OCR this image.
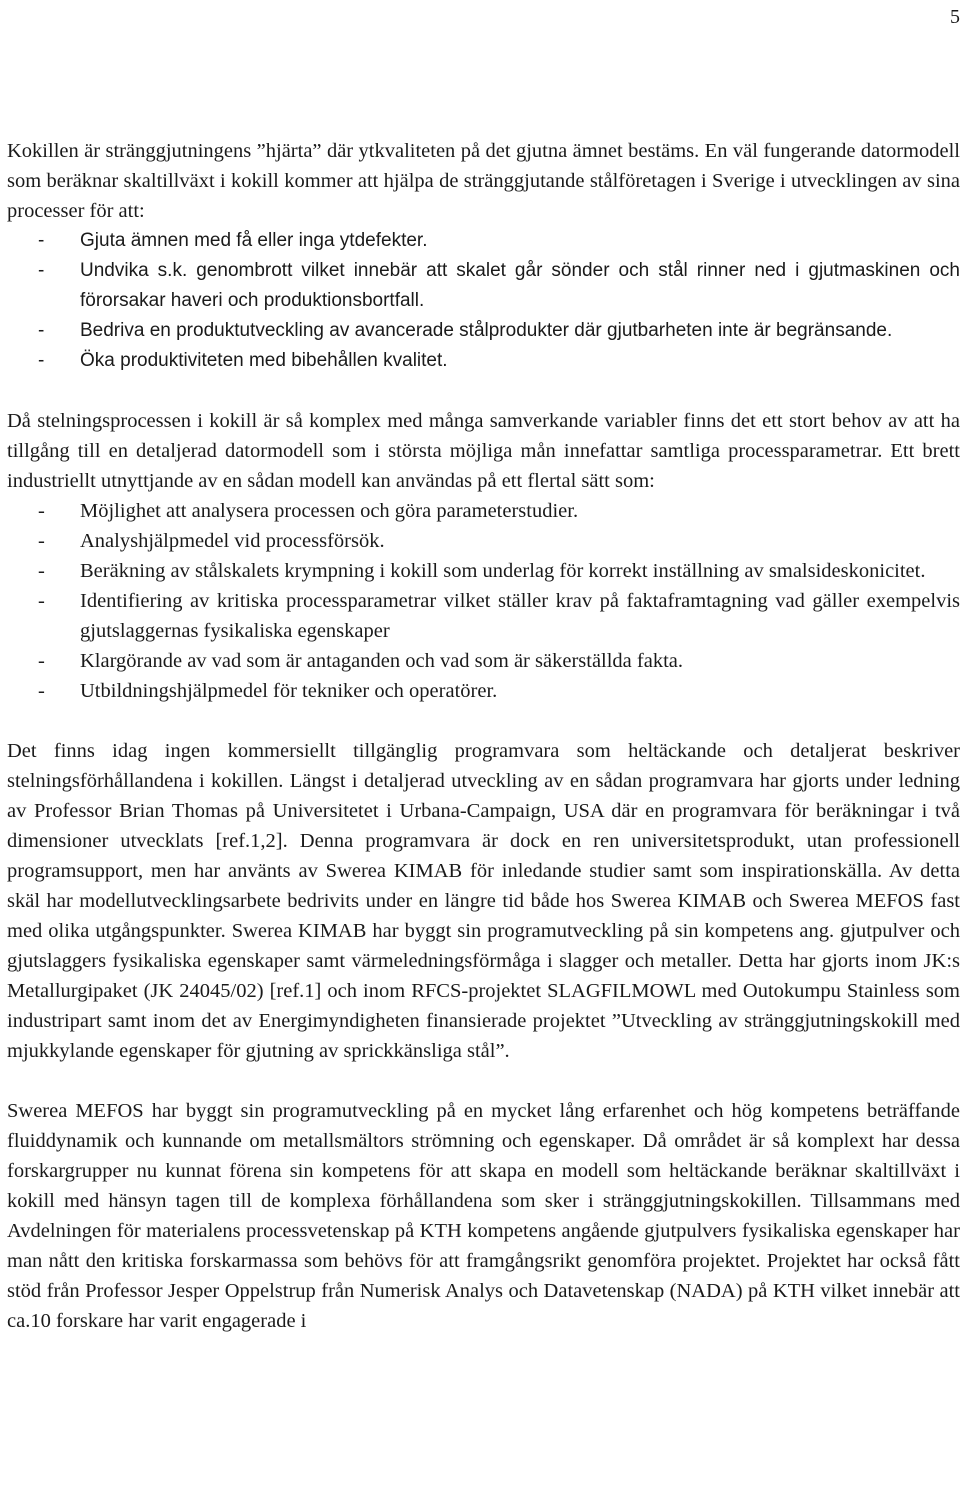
5

Kokillen är stränggjutningens ”hjärta” där ytkvaliteten på det gjutna ämnet bestäms. En väl fungerande datormodell som beräknar skaltillväxt i kokill kommer att hjälpa de stränggjutande stålföretagen i Sverige i utvecklingen av sina processer för att:

- Gjuta ämnen med få eller inga ytdefekter.
- Undvika s.k. genombrott vilket innebär att skalet går sönder och stål rinner ned i gjutmaskinen och förorsakar haveri och produktionsbortfall.
- Bedriva en produktutveckling av avancerade stålprodukter där gjutbarheten inte är begränsande.
- Öka produktiviteten med bibehållen kvalitet.

Då stelningsprocessen i kokill är så komplex med många samverkande variabler finns det ett stort behov av att ha tillgång till en detaljerad datormodell som i största möjliga mån innefattar samtliga processparametrar. Ett brett industriellt utnyttjande av en sådan modell kan användas på ett flertal sätt som:

- Möjlighet att analysera processen och göra parameterstudier.
- Analyshjälpmedel vid processförsök.
- Beräkning av stålskalets krympning i kokill som underlag för korrekt inställning av smalsideskonicitet.
- Identifiering av kritiska processparametrar vilket ställer krav på faktaframtagning vad gäller exempelvis gjutslaggernas fysikaliska egenskaper
- Klargörande av vad som är antaganden och vad som är säkerställda fakta.
- Utbildningshjälpmedel för tekniker och operatörer.

Det finns idag ingen kommersiellt tillgänglig programvara som heltäckande och detaljerat beskriver stelningsförhållandena i kokillen. Längst i detaljerad utveckling av en sådan programvara har gjorts under ledning av Professor Brian Thomas på Universitetet i Urbana-Campaign, USA där en programvara för beräkningar i två dimensioner utvecklats [ref.1,2]. Denna programvara är dock en ren universitetsprodukt, utan professionell programsupport, men har använts av Swerea KIMAB för inledande studier samt som inspirationskälla. Av detta skäl har modellutvecklingsarbete bedrivits under en längre tid både hos Swerea KIMAB och Swerea MEFOS fast med olika utgångspunkter. Swerea KIMAB har byggt sin programutveckling på sin kompetens ang. gjutpulver och gjutslaggers fysikaliska egenskaper samt värmeledningsförmåga i slagger och metaller. Detta har gjorts inom JK:s Metallurgipaket (JK 24045/02) [ref.1] och inom RFCS-projektet SLAGFILMOWL med Outokumpu Stainless som industripart samt inom det av Energimyndigheten finansierade projektet ”Utveckling av stränggjutningskokill med mjukkylande egenskaper för gjutning av sprickkänsliga stål”.

Swerea MEFOS har byggt sin programutveckling på en mycket lång erfarenhet och hög kompetens beträffande fluiddynamik och kunnande om metallsmältors strömning och egenskaper. Då området är så komplext har dessa forskargrupper nu kunnat förena sin kompetens för att skapa en modell som heltäckande beräknar skaltillväxt i kokill med hänsyn tagen till de komplexa förhållandena som sker i stränggjutningskokillen. Tillsammans med Avdelningen för materialens processvetenskap på KTH kompetens angående gjutpulvers fysikaliska egenskaper har man nått den kritiska forskarmassa som behövs för att framgångsrikt genomföra projektet. Projektet har också fått stöd från Professor Jesper Oppelstrup från Numerisk Analys och Datavetenskap (NADA) på KTH vilket innebär att ca.10 forskare har varit engagerade i
